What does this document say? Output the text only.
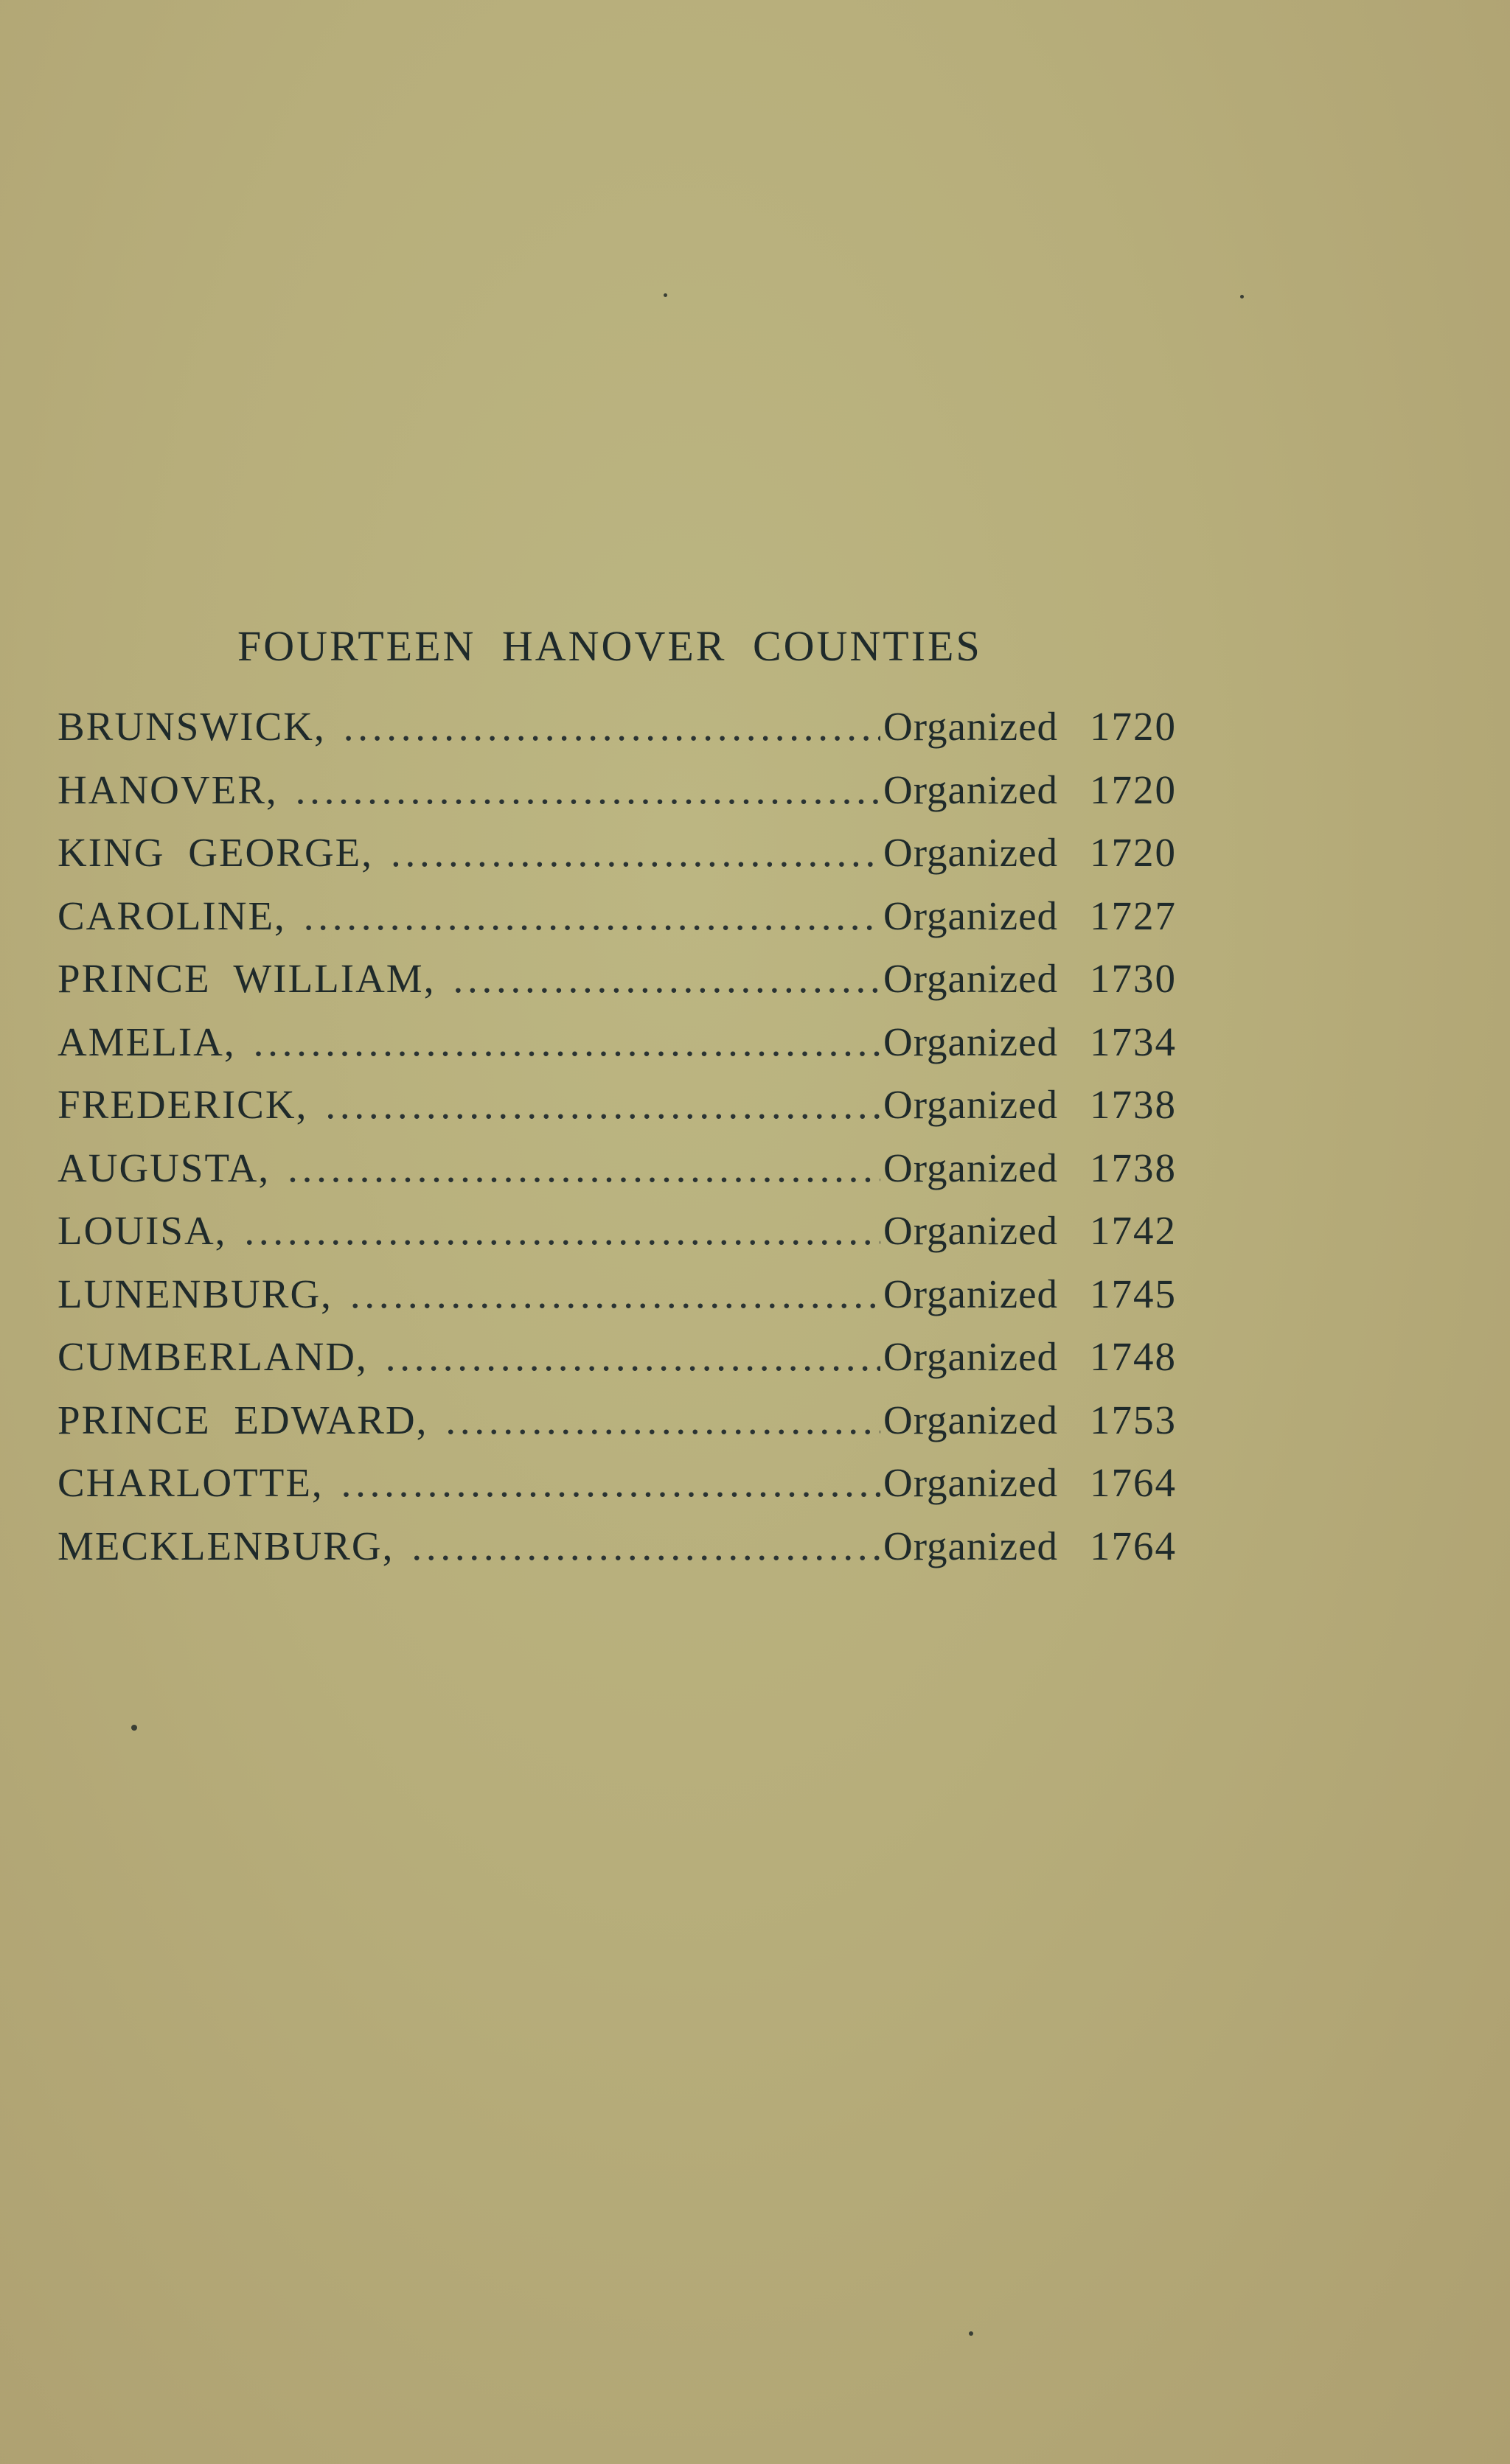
FOURTEEN HANOVER COUNTIES
BRUNSWICK, . . .	Organized 1720
HANOVER, . . .	Organized 1720
KING GEORGE, . . .	Organized 1720
CAROLINE, . . .	Organized 1727
PRINCE WILLIAM, . . .	Organized 1730
AMELIA, . . .	Organized 1734
FREDERICK, . . .	Organized 1738
AUGUSTA, . . .	Organized 1738
LOUISA, . . .	Organized 1742
LUNENBURG, . . .	Organized 1745
CUMBERLAND, . . .	Organized 1748
PRINCE EDWARD, . . .	Organized 1753
CHARLOTTE, . . .	Organized 1764
MECKLENBURG, . . .	Organized 1764
